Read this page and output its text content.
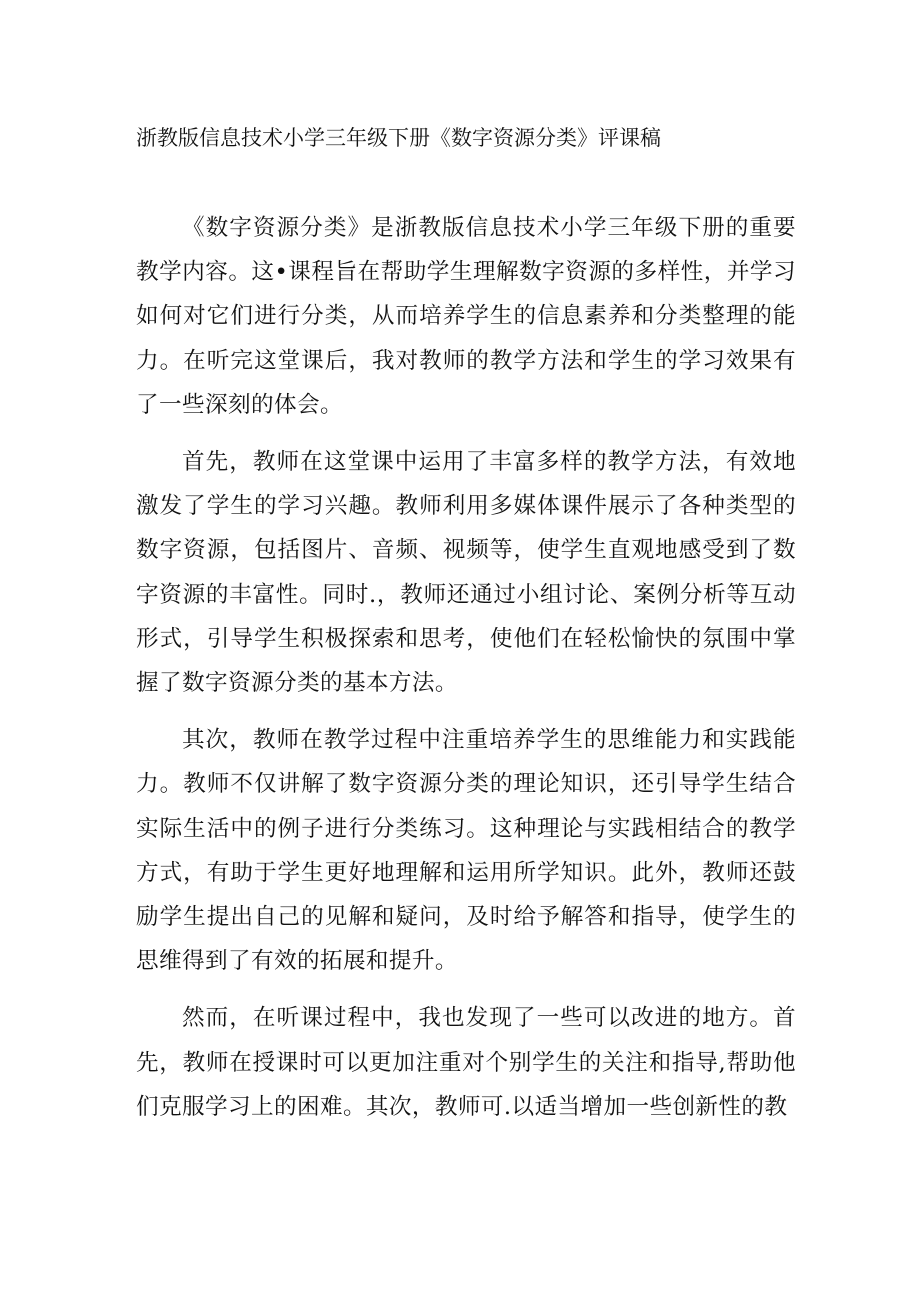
浙教版信息技术小学三年级下册《数字资源分类》评课稿

《数字资源分类》是浙教版信息技术小学三年级下册的重要教学内容。这•课程旨在帮助学生理解数字资源的多样性，并学习如何对它们进行分类，从而培养学生的信息素养和分类整理的能力。在听完这堂课后，我对教师的教学方法和学生的学习效果有了一些深刻的体会。

首先，教师在这堂课中运用了丰富多样的教学方法，有效地激发了学生的学习兴趣。教师利用多媒体课件展示了各种类型的数字资源，包括图片、音频、视频等，使学生直观地感受到了数字资源的丰富性。同时.，教师还通过小组讨论、案例分析等互动形式，引导学生积极探索和思考，使他们在轻松愉快的氛围中掌握了数字资源分类的基本方法。

其次，教师在教学过程中注重培养学生的思维能力和实践能力。教师不仅讲解了数字资源分类的理论知识，还引导学生结合实际生活中的例子进行分类练习。这种理论与实践相结合的教学方式，有助于学生更好地理解和运用所学知识。此外，教师还鼓励学生提出自己的见解和疑问，及时给予解答和指导，使学生的思维得到了有效的拓展和提升。

然而，在听课过程中，我也发现了一些可以改进的地方。首先，教师在授课时可以更加注重对个别学生的关注和指导,帮助他们克服学习上的困难。其次，教师可.以适当增加一些创新性的教
